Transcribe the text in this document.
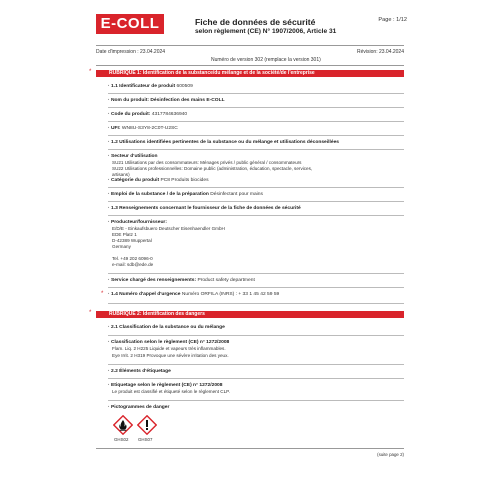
E-COLL	Fiche de données de sécurité
selon règlement (CE) N° 1907/2006, Article 31
Page : 1/12
Date d'impression : 23.04.2024	Révision: 23.04.2024
Numéro de version 302 (remplace la version 301)
*	RUBRIQUE 1: Identification de la substance/du mélange et de la société/de l'entreprise
· 1.1 Identificateur de produit 600509
· Nom du produit: Désinfection des mains E-COLL
· Code du produit: 4317784636940
· UFI: WN8U-S3Y8-2C0T-U2SC
· 1.2 Utilisations identifiées pertinentes de la substance ou du mélange et utilisations déconseillées
· Secteur d'utilisation
SU21 Utilisations par des consommateurs: Ménages privés / public général / consommateurs
SU22 Utilisations professionnelles: Domaine public (administration, éducation, spectacle, services,
artisans)
· Catégorie du produit PC8 Produits biocides
· Emploi de la substance / de la préparation Désinfectant pour mains
· 1.3 Renseignements concernant le fournisseur de la fiche de données de sécurité
· Producteur/fournisseur:
E/D/E - Einkaufsbuero Deutscher Eisenhaendler GmbH
EDE Platz 1
D-42389 Wuppertal
Germany
Tel. +49 202 6096-0
e-mail: sdb@ede.de
· Service chargé des renseignements: Product safety department
* · 1.4 Numéro d'appel d'urgence Numéro ORFILA (INRS) : + 33 1 45 42 59 59
*	RUBRIQUE 2: Identification des dangers
· 2.1 Classification de la substance ou du mélange
· Classification selon le règlement (CE) n° 1272/2008
Flam. Liq. 2 H225 Liquide et vapeurs très inflammables.
Eye Irrit. 2 H319 Provoque une sévère irritation des yeux.
· 2.2 Éléments d'étiquetage
· Etiquetage selon le règlement (CE) n° 1272/2008
Le produit est classifié et étiqueté selon le règlement CLP.
· Pictogrammes de danger
GHS02 GHS07
(suite page 2)
